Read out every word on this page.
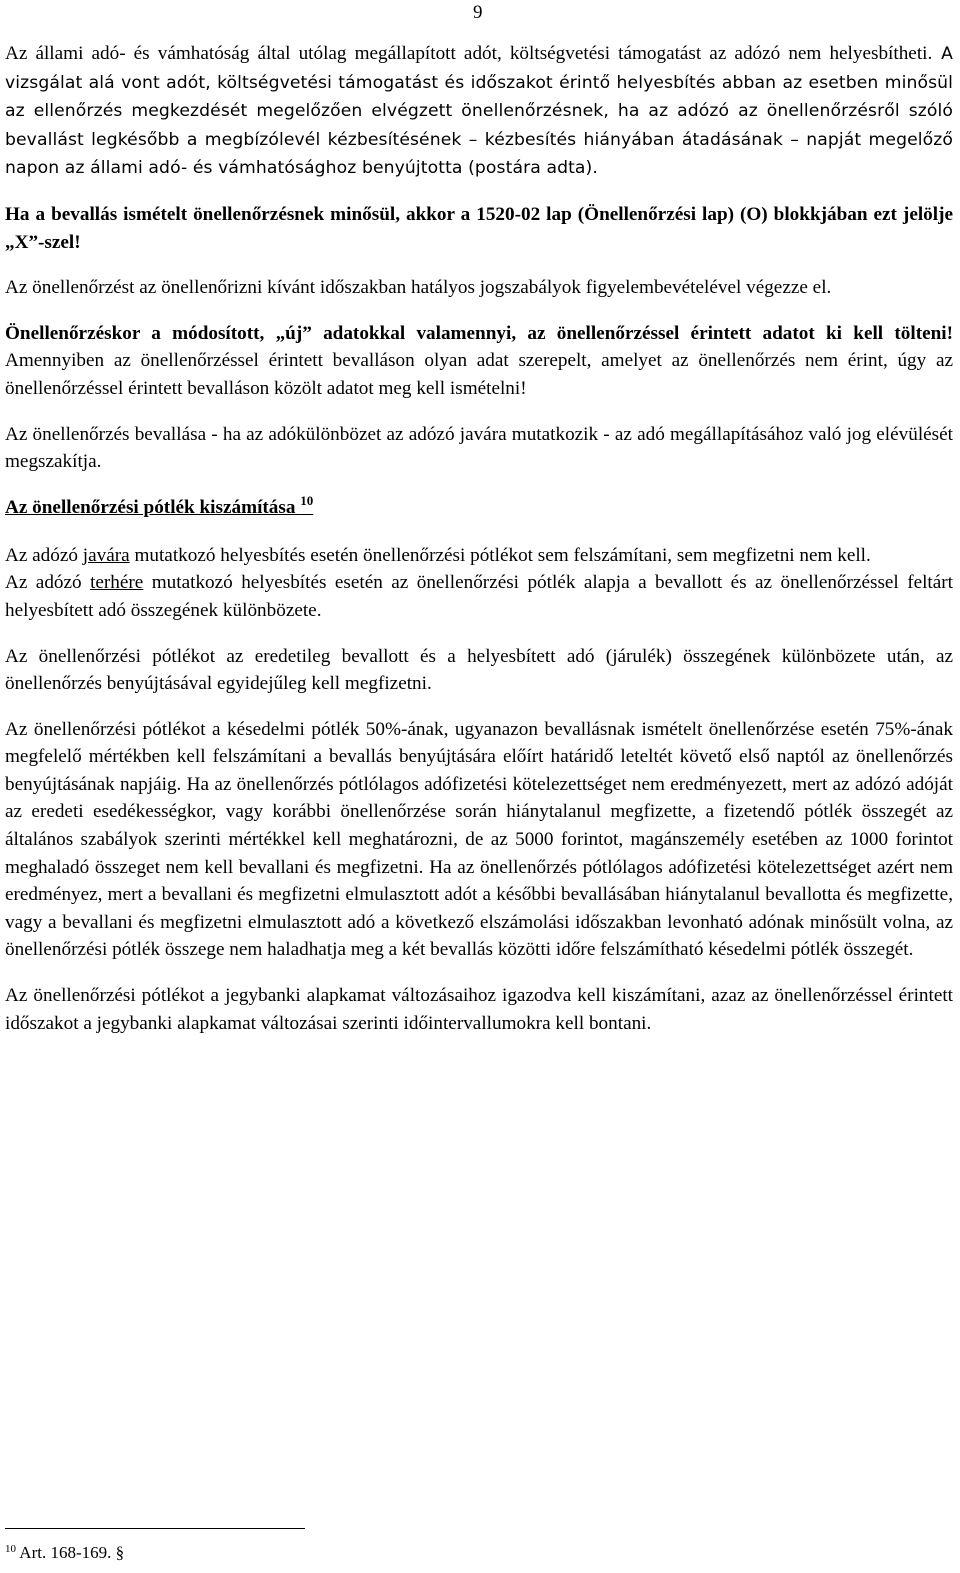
9

Az állami adó- és vámhatóság által utólag megállapított adót, költségvetési támogatást az adózó nem helyesbítheti. A vizsgálat alá vont adót, költségvetési támogatást és időszakot érintő helyesbítés abban az esetben minősül az ellenőrzés megkezdését megelőzően elvégzett önellenőrzésnek, ha az adózó az önellenőrzésről szóló bevallást legkésőbb a megbízólevél kézbesítésének – kézbesítés hiányában átadásának – napját megelőző napon az állami adó- és vámhatósághoz benyújtotta (postára adta).

Ha a bevallás ismételt önellenőrzésnek minősül, akkor a 1520-02 lap (Önellenőrzési lap) (O) blokkjában ezt jelölje „X”-szel!

Az önellenőrzést az önellenőrizni kívánt időszakban hatályos jogszabályok figyelembevételével végezze el.

Önellenőrzéskor a módosított, „új” adatokkal valamennyi, az önellenőrzéssel érintett adatot ki kell tölteni! Amennyiben az önellenőrzéssel érintett bevalláson olyan adat szerepelt, amelyet az önellenőrzés nem érint, úgy az önellenőrzéssel érintett bevalláson közölt adatot meg kell ismételni!

Az önellenőrzés bevallása - ha az adókülönbözet az adózó javára mutatkozik - az adó megállapításához való jog elévülését megszakítja.

Az önellenőrzési pótlék kiszámítása $^{10}$

Az adózó javára mutatkozó helyesbítés esetén önellenőrzési pótlékot sem felszámítani, sem megfizetni nem kell.

Az adózó terhére mutatkozó helyesbítés esetén az önellenőrzési pótlék alapja a bevallott és az önellenőrzéssel feltárt helyesbített adó összegének különbözete.

Az önellenőrzési pótlékot az eredetileg bevallott és a helyesbített adó (járulék) összegének különbözete után, az önellenőrzés benyújtásával egyidejűleg kell megfizetni.

Az önellenőrzési pótlékot a késedelmi pótlék 50%-ának, ugyanazon bevallásnak ismételt önellenőrzése esetén 75%-ának megfelelő mértékben kell felszámítani a bevallás benyújtására előírt határidő leteltét követő első naptól az önellenőrzés benyújtásának napjáig. Ha az önellenőrzés pótlólagos adófizetési kötelezettséget nem eredményezett, mert az adózó adóját az eredeti esedékességkor, vagy korábbi önellenőrzése során hiánytalanul megfizette, a fizetendő pótlék összegét az általános szabályok szerinti mértékkel kell meghatározni, de az 5000 forintot, magánszemély esetében az 1000 forintot meghaladó összeget nem kell bevallani és megfizetni. Ha az önellenőrzés pótlólagos adófizetési kötelezettséget azért nem eredményez, mert a bevallani és megfizetni elmulasztott adót a későbbi bevallásában hiánytalanul bevallotta és megfizette, vagy a bevallani és megfizetni elmulasztott adó a következő elszámolási időszakban levonható adónak minősült volna, az önellenőrzési pótlék összege nem haladhatja meg a két bevallás közötti időre felszámítható késedelmi pótlék összegét.

Az önellenőrzési pótlékot a jegybanki alapkamat változásaihoz igazodva kell kiszámítani, azaz az önellenőrzéssel érintett időszakot a jegybanki alapkamat változásai szerinti időintervallumokra kell bontani.

$^{10}$ Art. 168-169. §
